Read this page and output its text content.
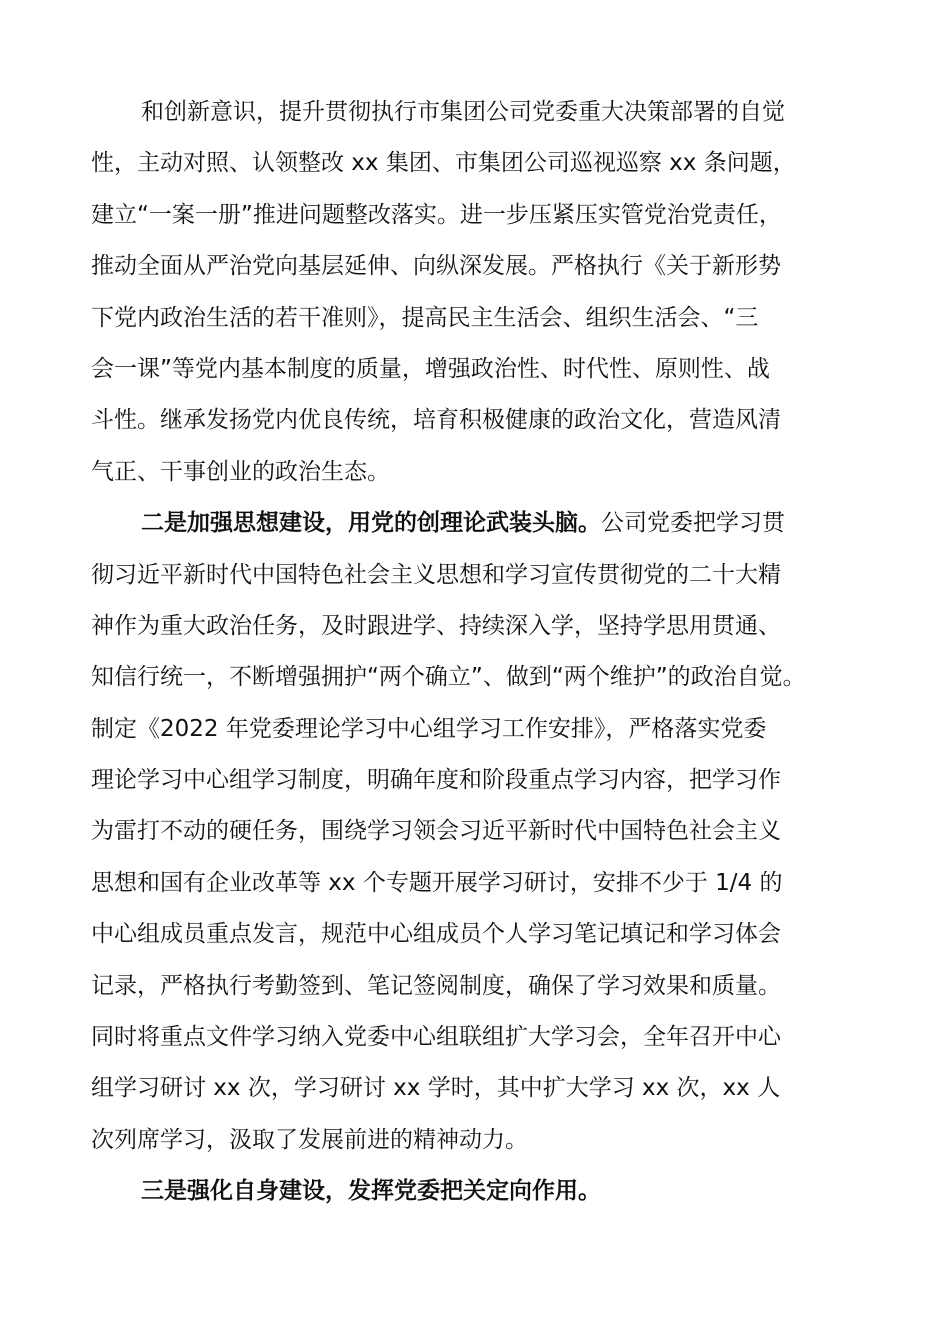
和创新意识，提升贯彻执行市集团公司党委重大决策部署的自觉
性，主动对照、认领整改 xx 集团、市集团公司巡视巡察 xx 条问题，
建立“一案一册”推进问题整改落实。进一步压紧压实管党治党责任，
推动全面从严治党向基层延伸、向纵深发展。严格执行《关于新形势
下党内政治生活的若干准则》，提高民主生活会、组织生活会、“三
会一课”等党内基本制度的质量，增强政治性、时代性、原则性、战
斗性。继承发扬党内优良传统，培育积极健康的政治文化，营造风清
气正、干事创业的政治生态。
二是加强思想建设，用党的创理论武装头脑。公司党委把学习贯
彻习近平新时代中国特色社会主义思想和学习宣传贯彻党的二十大精
神作为重大政治任务，及时跟进学、持续深入学，坚持学思用贯通、
知信行统一，不断增强拥护“两个确立”、做到“两个维护”的政治自觉。
制定《2022 年党委理论学习中心组学习工作安排》，严格落实党委
理论学习中心组学习制度，明确年度和阶段重点学习内容，把学习作
为雷打不动的硬任务，围绕学习领会习近平新时代中国特色社会主义
思想和国有企业改革等 xx 个专题开展学习研讨，安排不少于 1/4 的
中心组成员重点发言，规范中心组成员个人学习笔记填记和学习体会
记录，严格执行考勤签到、笔记签阅制度，确保了学习效果和质量。
同时将重点文件学习纳入党委中心组联组扩大学习会，全年召开中心
组学习研讨 xx 次，学习研讨 xx 学时，其中扩大学习 xx 次，xx 人
次列席学习，汲取了发展前进的精神动力。
三是强化自身建设，发挥党委把关定向作用。
